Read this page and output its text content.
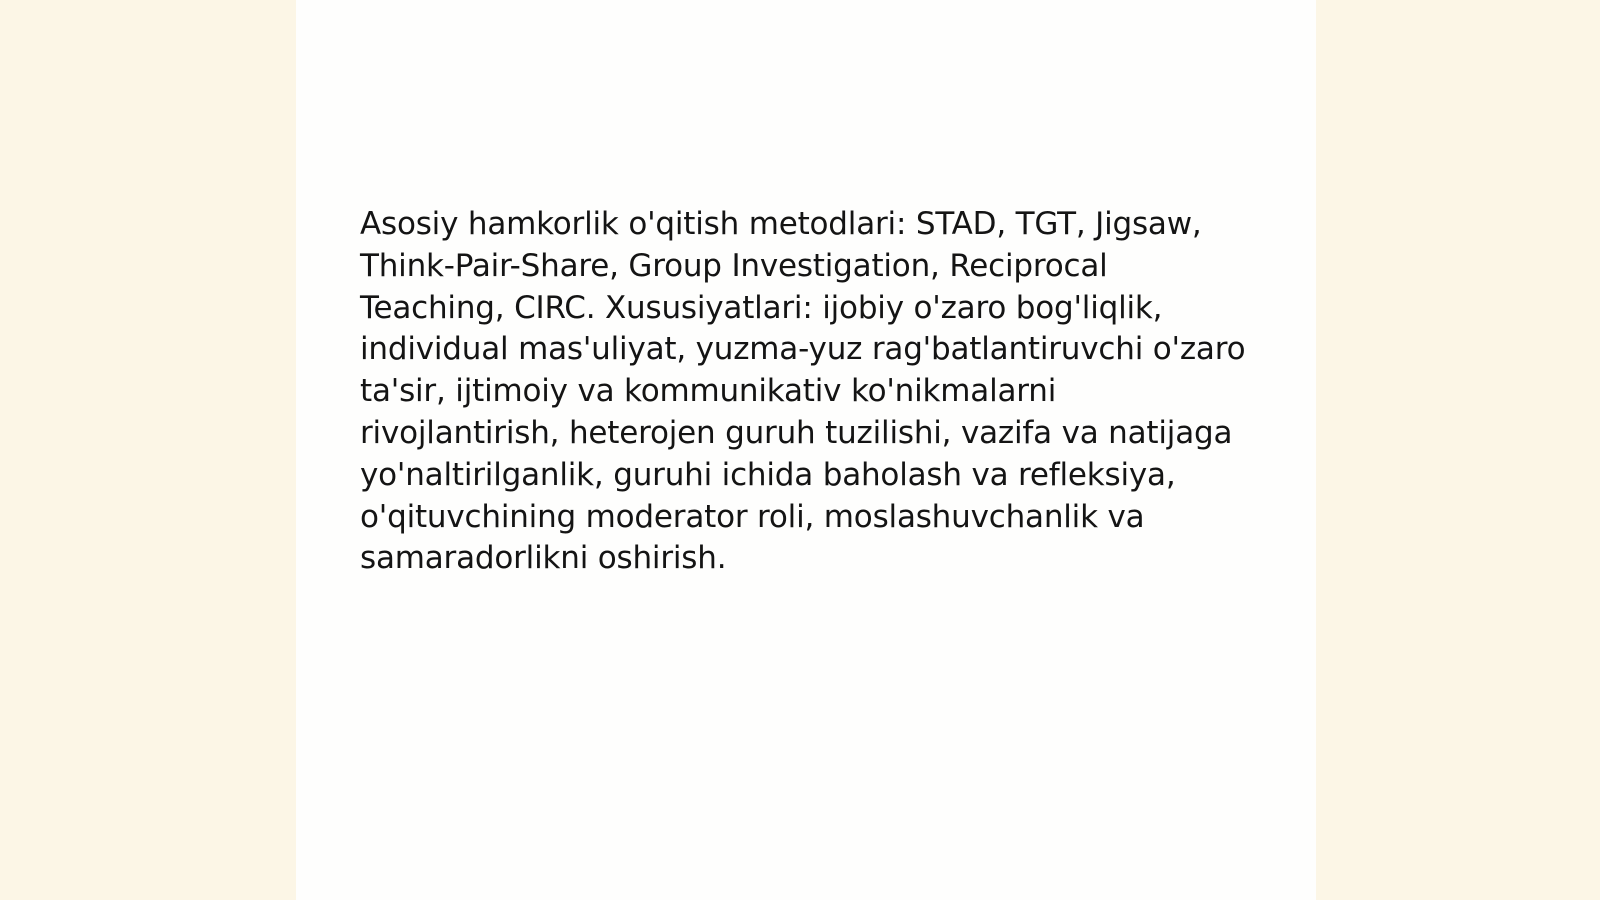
Asosiy hamkorlik o'qitish metodlari: STAD, TGT, Jigsaw, Think-Pair-Share, Group Investigation, Reciprocal Teaching, CIRC. Xususiyatlari: ijobiy o'zaro bog'liqlik, individual mas'uliyat, yuzma-yuz rag'batlantiruvchi o'zaro ta'sir, ijtimoiy va kommunikativ ko'nikmalarni rivojlantirish, heterojen guruh tuzilishi, vazifa va natijaga yo'naltirilganlik, guruhi ichida baholash va refleksiya, o'qituvchining moderator roli, moslashuvchanlik va samaradorlikni oshirish.
